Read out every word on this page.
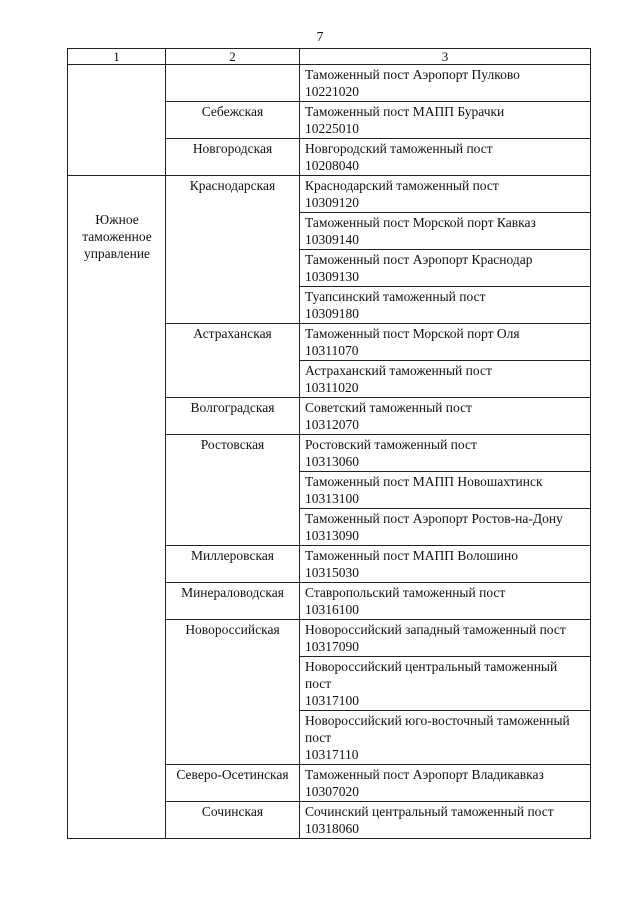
7
1	2	3

		Таможенный пост Аэропорт Пулково
10221020

	Себежская	Таможенный пост МАПП Бурачки
10225010

	Новгородская	Новгородский таможенный пост
10208040

Южное таможенное управление	Краснодарская	Краснодарский таможенный пост
10309120

		Таможенный пост Морской порт Кавказ
10309140

		Таможенный пост Аэропорт Краснодар
10309130

		Туапсинский таможенный пост
10309180

	Астраханская	Таможенный пост Морской порт Оля
10311070

		Астраханский таможенный пост
10311020

	Волгоградская	Советский таможенный пост
10312070

	Ростовская	Ростовский таможенный пост
10313060

		Таможенный пост МАПП Новошахтинск
10313100

		Таможенный пост Аэропорт Ростов-на-Дону
10313090

	Миллеровская	Таможенный пост МАПП Волошино
10315030

	Минераловодская	Ставропольский таможенный пост
10316100

	Новороссийская	Новороссийский западный таможенный пост
10317090

		Новороссийский центральный таможенный пост
10317100

		Новороссийский юго-восточный таможенный пост
10317110

	Северо-Осетинская	Таможенный пост Аэропорт Владикавказ
10307020

	Сочинская	Сочинский центральный таможенный пост
10318060
